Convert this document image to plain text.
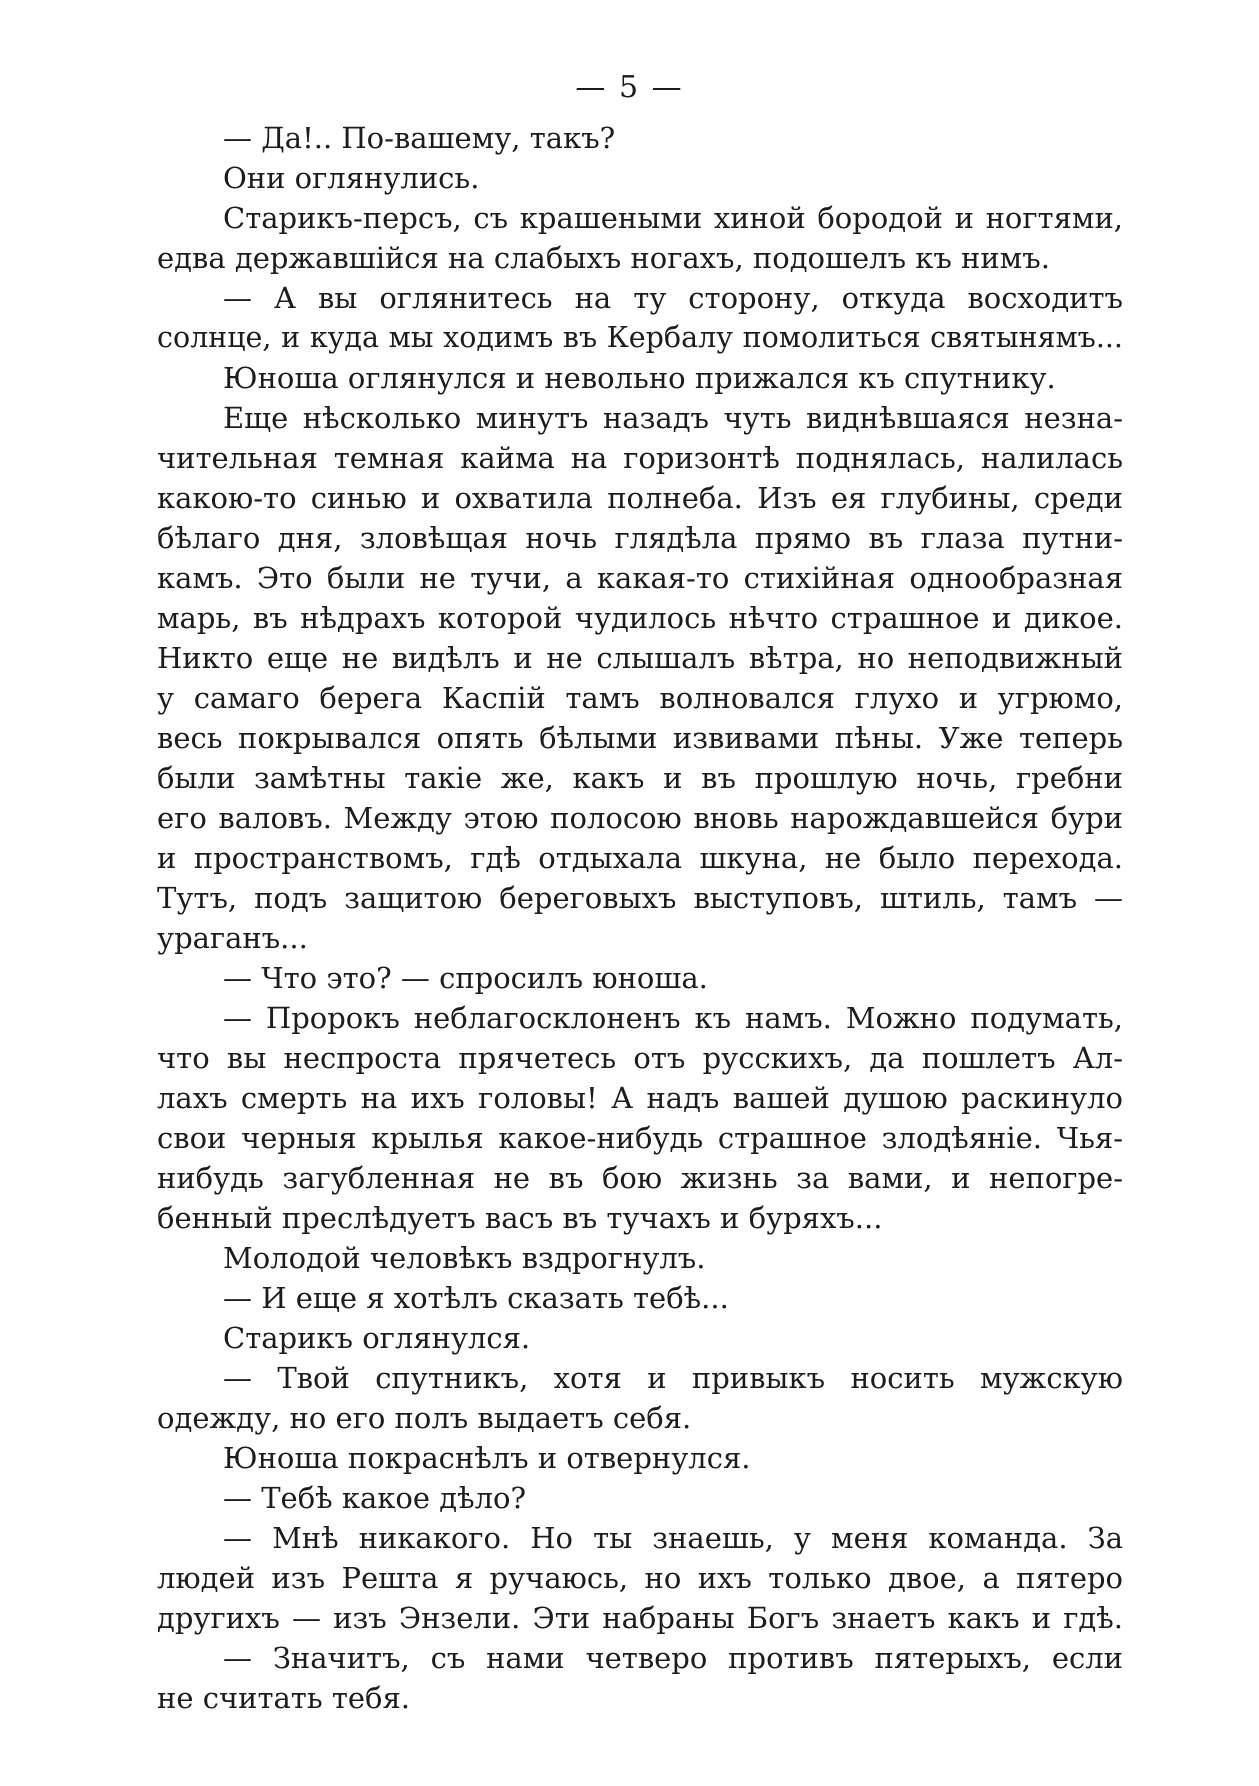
— 5 —
— Да!.. По-вашему, такъ?
Они оглянулись.
Старикъ-персъ, съ крашеными хиной бородой и ногтями,
едва державшійся на слабыхъ ногахъ, подошелъ къ нимъ.
— А вы оглянитесь на ту сторону, откуда восходитъ
солнце, и куда мы ходимъ въ Кербалу помолиться святынямъ...
Юноша оглянулся и невольно прижался къ спутнику.
Еще нѣсколько минутъ назадъ чуть виднѣвшаяся незна-
чительная темная кайма на горизонтѣ поднялась, налилась
какою-то синью и охватила полнеба. Изъ ея глубины, среди
бѣлаго дня, зловѣщая ночь глядѣла прямо въ глаза путни-
камъ. Это были не тучи, а какая-то стихійная однообразная
марь, въ нѣдрахъ которой чудилось нѣчто страшное и дикое.
Никто еще не видѣлъ и не слышалъ вѣтра, но неподвижный
у самаго берега Каспій тамъ волновался глухо и угрюмо,
весь покрывался опять бѣлыми извивами пѣны. Уже теперь
были замѣтны такіе же, какъ и въ прошлую ночь, гребни
его валовъ. Между этою полосою вновь нарождавшейся бури
и пространствомъ, гдѣ отдыхала шкуна, не было перехода.
Тутъ, подъ защитою береговыхъ выступовъ, штиль, тамъ —
ураганъ...
— Что это? — спросилъ юноша.
— Пророкъ неблагосклоненъ къ намъ. Можно подумать,
что вы неспроста прячетесь отъ русскихъ, да пошлетъ Ал-
лахъ смерть на ихъ головы! А надъ вашей душою раскинуло
свои черныя крылья какое-нибудь страшное злодѣяніе. Чья-
нибудь загубленная не въ бою жизнь за вами, и непогре-
бенный преслѣдуетъ васъ въ тучахъ и буряхъ...
Молодой человѣкъ вздрогнулъ.
— И еще я хотѣлъ сказать тебѣ...
Старикъ оглянулся.
— Твой спутникъ, хотя и привыкъ носить мужскую
одежду, но его полъ выдаетъ себя.
Юноша покраснѣлъ и отвернулся.
— Тебѣ какое дѣло?
— Мнѣ никакого. Но ты знаешь, у меня команда. За
людей изъ Решта я ручаюсь, но ихъ только двое, а пятеро
другихъ — изъ Энзели. Эти набраны Богъ знаетъ какъ и гдѣ.
— Значитъ, съ нами четверо противъ пятерыхъ, если
не считать тебя.
